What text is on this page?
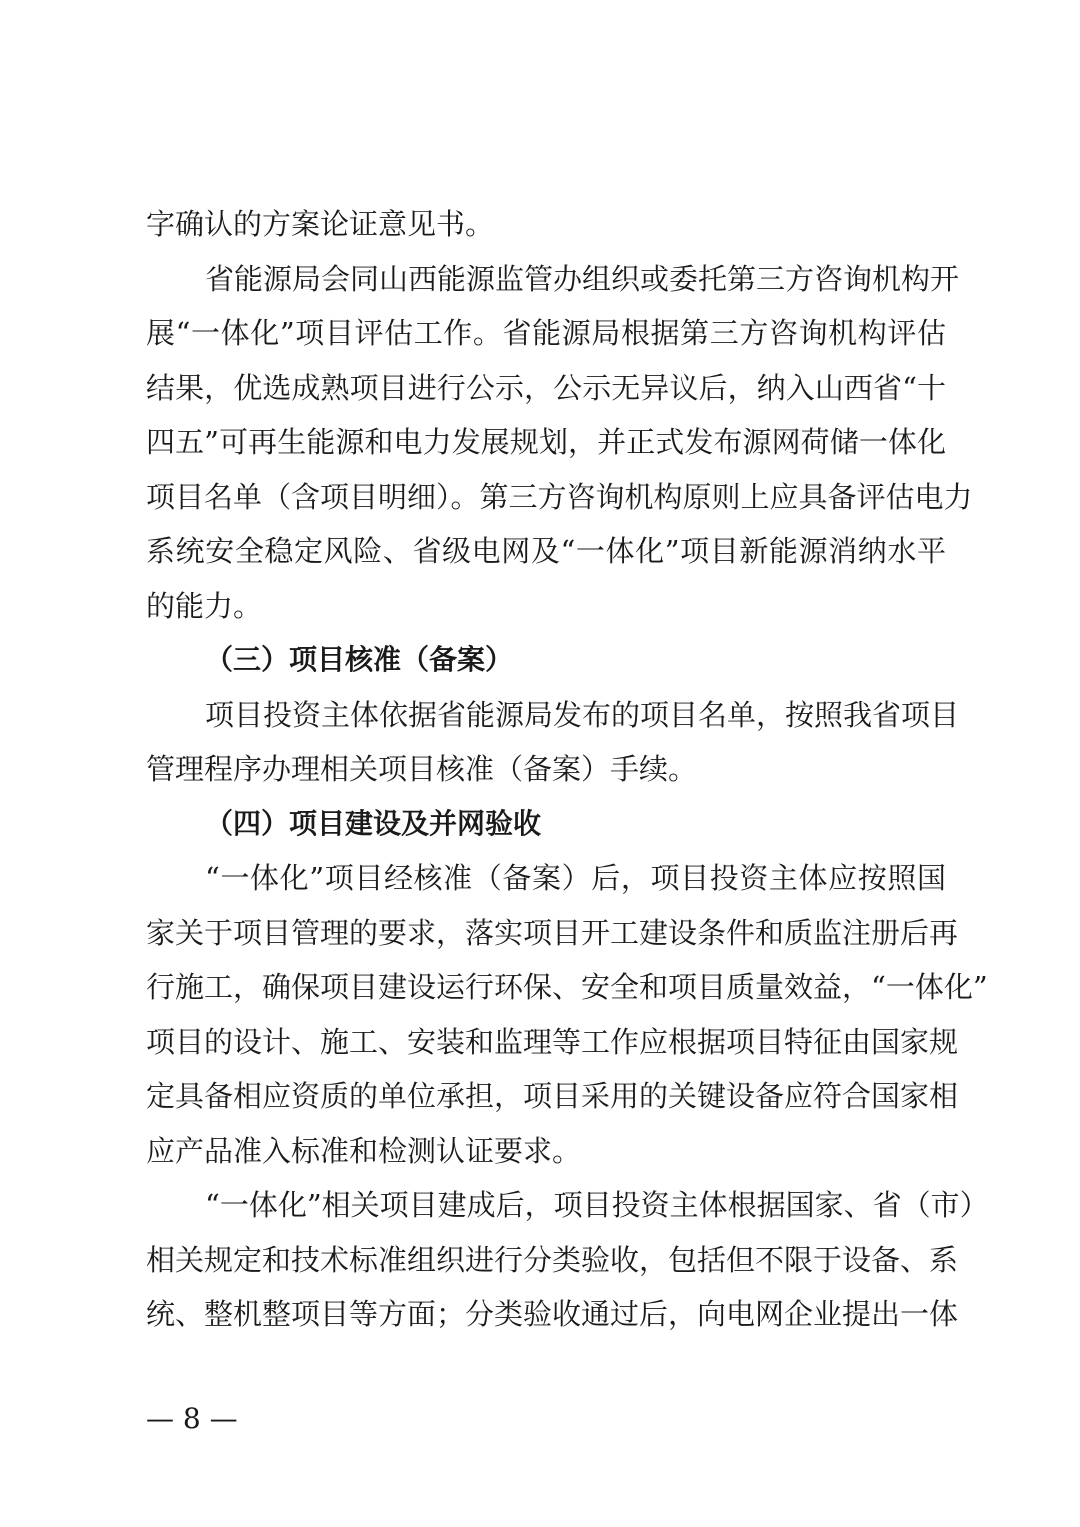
字确认的方案论证意见书。
省能源局会同山西能源监管办组织或委托第三方咨询机构开
展“一体化”项目评估工作。省能源局根据第三方咨询机构评估
结果，优选成熟项目进行公示，公示无异议后，纳入山西省“十
四五”可再生能源和电力发展规划，并正式发布源网荷储一体化
项目名单（含项目明细）。第三方咨询机构原则上应具备评估电力
系统安全稳定风险、省级电网及“一体化”项目新能源消纳水平
的能力。
（三）项目核准（备案）
项目投资主体依据省能源局发布的项目名单，按照我省项目
管理程序办理相关项目核准（备案）手续。
（四）项目建设及并网验收
“一体化”项目经核准（备案）后，项目投资主体应按照国
家关于项目管理的要求，落实项目开工建设条件和质监注册后再
行施工，确保项目建设运行环保、安全和项目质量效益，“一体化”
项目的设计、施工、安装和监理等工作应根据项目特征由国家规
定具备相应资质的单位承担，项目采用的关键设备应符合国家相
应产品准入标准和检测认证要求。
“一体化”相关项目建成后，项目投资主体根据国家、省（市）
相关规定和技术标准组织进行分类验收，包括但不限于设备、系
统、整机整项目等方面；分类验收通过后，向电网企业提出一体
— 8 —
